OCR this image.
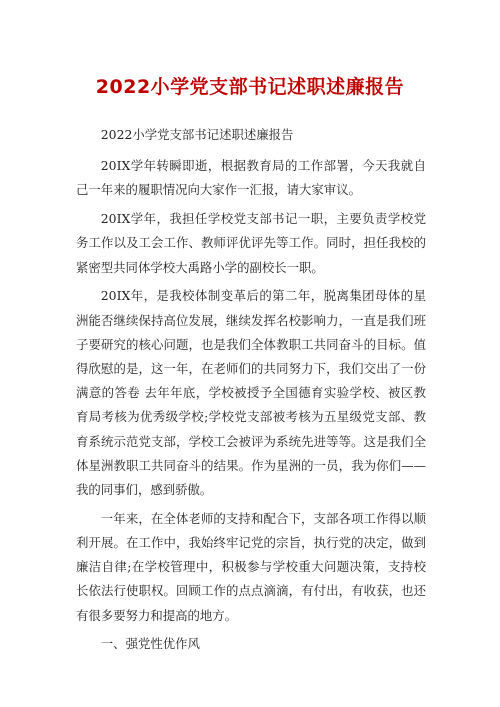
2022小学党支部书记述职述廉报告

2022小学党支部书记述职述廉报告

20IX学年转瞬即逝，根据教育局的工作部署，今天我就自己一年来的履职情况向大家作一汇报，请大家审议。

20IX学年，我担任学校党支部书记一职，主要负责学校党务工作以及工会工作、教师评优评先等工作。同时，担任我校的紧密型共同体学校大禹路小学的副校长一职。

20IX年，是我校体制变革后的第二年，脱离集团母体的星洲能否继续保持高位发展，继续发挥名校影响力，一直是我们班子要研究的核心问题，也是我们全体教职工共同奋斗的目标。值得欣慰的是，这一年，在老师们的共同努力下，我们交出了一份满意的答卷 去年年底，学校被授予全国德育实验学校、被区教育局考核为优秀级学校;学校党支部被考核为五星级党支部、教育系统示范党支部，学校工会被评为系统先进等等。这是我们全体星洲教职工共同奋斗的结果。作为星洲的一员，我为你们——我的同事们，感到骄傲。

一年来，在全体老师的支持和配合下，支部各项工作得以顺利开展。在工作中，我始终牢记党的宗旨，执行党的决定，做到廉洁自律;在学校管理中，积极参与学校重大问题决策，支持校长依法行使职权。回顾工作的点点滴滴，有付出，有收获，也还有很多要努力和提高的地方。

一、强党性优作风
